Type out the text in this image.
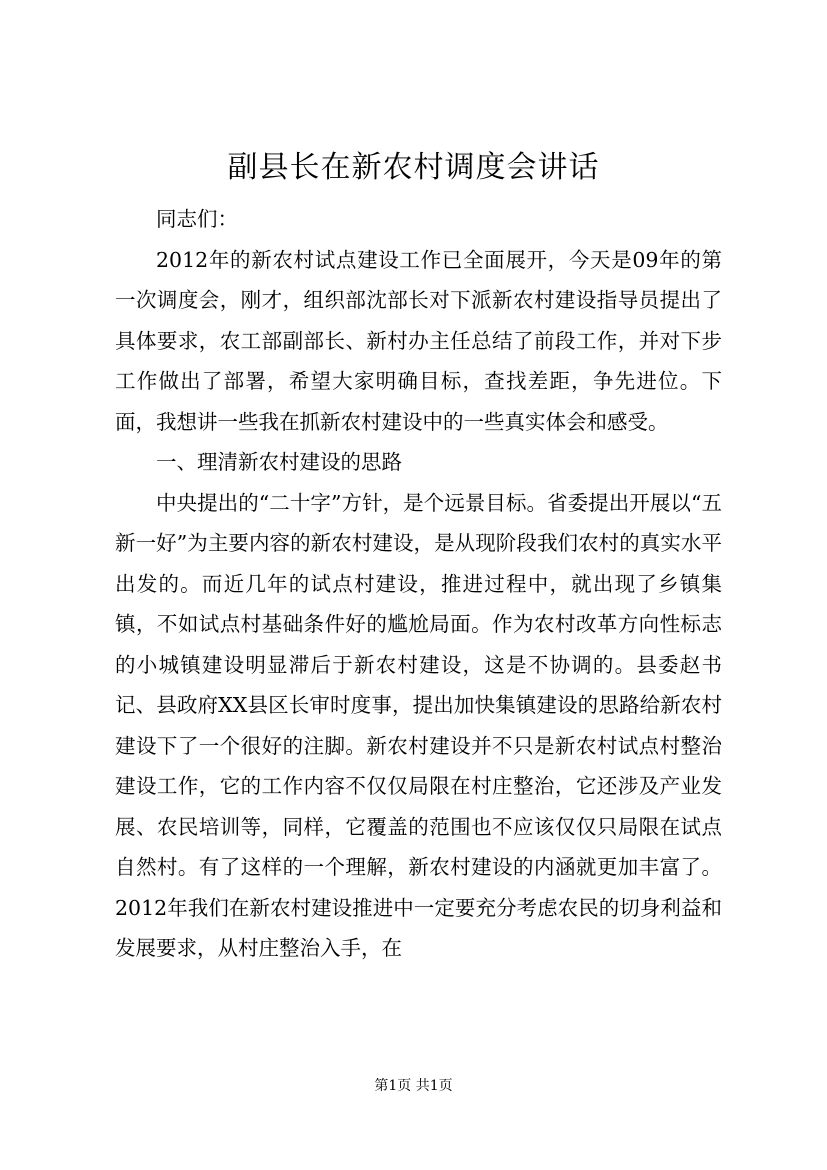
副县长在新农村调度会讲话

同志们：

2012年的新农村试点建设工作已全面展开，今天是09年的第一次调度会，刚才，组织部沈部长对下派新农村建设指导员提出了具体要求，农工部副部长、新村办主任总结了前段工作，并对下步工作做出了部署，希望大家明确目标，查找差距，争先进位。下面，我想讲一些我在抓新农村建设中的一些真实体会和感受。

一、理清新农村建设的思路

中央提出的“二十字”方针，是个远景目标。省委提出开展以“五新一好”为主要内容的新农村建设，是从现阶段我们农村的真实水平出发的。而近几年的试点村建设，推进过程中，就出现了乡镇集镇，不如试点村基础条件好的尴尬局面。作为农村改革方向性标志的小城镇建设明显滞后于新农村建设，这是不协调的。县委赵书记、县政府XX县区长审时度事，提出加快集镇建设的思路给新农村建设下了一个很好的注脚。新农村建设并不只是新农村试点村整治建设工作，它的工作内容不仅仅局限在村庄整治，它还涉及产业发展、农民培训等，同样，它覆盖的范围也不应该仅仅只局限在试点自然村。有了这样的一个理解，新农村建设的内涵就更加丰富了。2012年我们在新农村建设推进中一定要充分考虑农民的切身利益和发展要求，从村庄整治入手，在

第1页 共1页
